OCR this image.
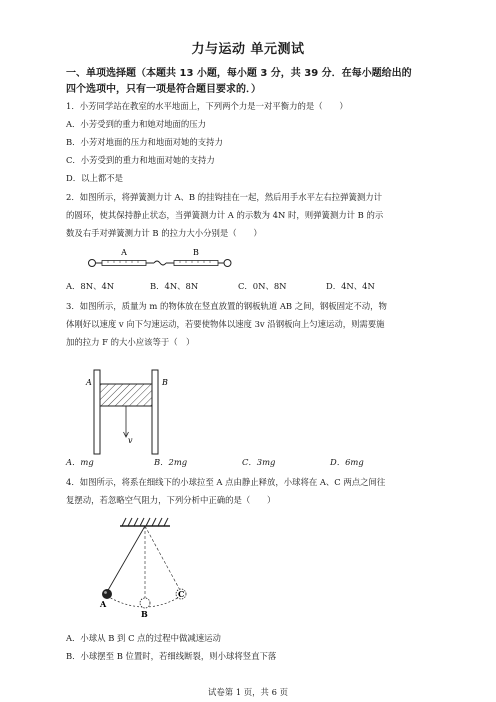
力与运动 单元测试
一、单项选择题（本题共 13 小题，每小题 3 分，共 39 分．在每小题给出的
四个选项中，只有一项是符合题目要求的．）
1．小芳同学站在教室的水平地面上，下列两个力是一对平衡力的是（　　）
A．小芳受到的重力和她对地面的压力
B．小芳对地面的压力和地面对她的支持力
C．小芳受到的重力和地面对她的支持力
D．以上都不是
2．如图所示，将弹簧测力计 A、B 的挂钩挂在一起，然后用手水平左右拉弹簧测力计
的圆环，使其保持静止状态，当弹簧测力计 A 的示数为 4N 时，则弹簧测力计 B 的示
数及右手对弹簧测力计 B 的拉力大小分别是（　　）
A	B
A．8N、4N	B．4N、8N	C．0N、8N	D．4N、4N
3．如图所示，质量为 m 的物体放在竖直放置的钢板轨道 AB 之间，钢板固定不动，物
体刚好以速度 v 向下匀速运动，若要使物体以速度 3v 沿钢板向上匀速运动，则需要施
加的拉力 F 的大小应该等于（　）
A	B
v
A．mg	B．2mg	C．3mg	D．6mg
4．如图所示，将系在细线下的小球拉至 A 点由静止释放，小球将在 A、C 两点之间往
复摆动，若忽略空气阻力，下列分析中正确的是（　　）
A
B
C
A．小球从 B 到 C 点的过程中做减速运动
B．小球摆至 B 位置时，若细线断裂，则小球将竖直下落
试卷第 1 页，共 6 页
